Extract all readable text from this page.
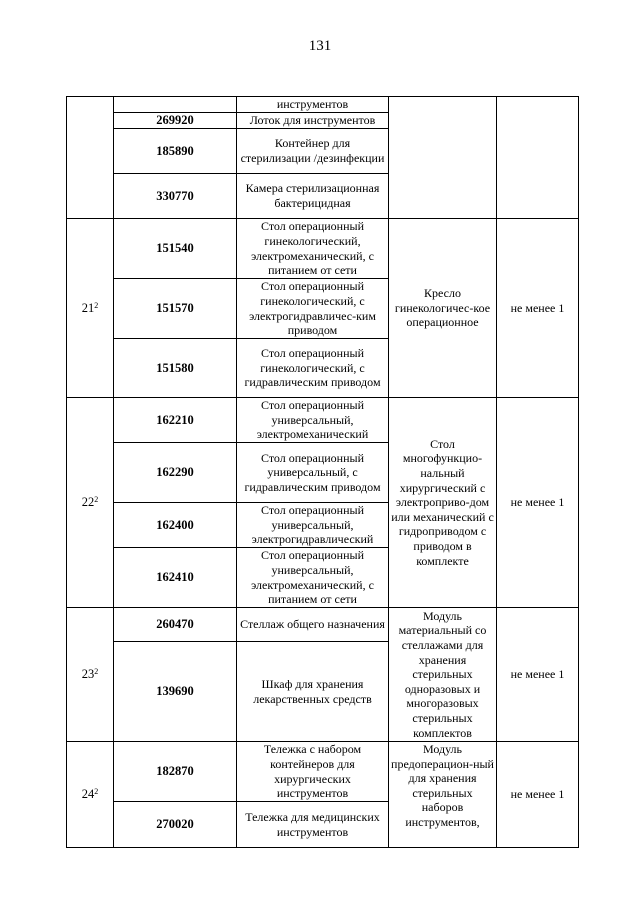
131
		инструментов		
	269920	Лоток для инструментов		
	185890	Контейнер для стерилизации /дезинфекции		
	330770	Камера стерилизационная бактерицидная		
$21^2$	151540	Стол операционный гинекологический, электромеханический, с питанием от сети	Кресло гинекологичес-кое операционное	не менее 1
	151570	Стол операционный гинекологический, с электрогидравличес-ким приводом		
	151580	Стол операционный гинекологический, с гидравлическим приводом		
$22^2$	162210	Стол операционный универсальный, электромеханический	Стол многофункцио-нальный хирургический с электроприво-дом или механический с гидроприводом с приводом в комплекте	не менее 1
	162290	Стол операционный универсальный, с гидравлическим приводом		
	162400	Стол операционный универсальный, электрогидравлический		
	162410	Стол операционный универсальный, электромеханический, с питанием от сети		
$23^2$	260470	Стеллаж общего назначения	Модуль материальный со стеллажами для хранения стерильных одноразовых и многоразовых стерильных комплектов	не менее 1
	139690	Шкаф для хранения лекарственных средств		
$24^2$	182870	Тележка с набором контейнеров для хирургических инструментов	Модуль предоперацион-ный для хранения стерильных наборов инструментов,	не менее 1
	270020	Тележка для медицинских инструментов		
